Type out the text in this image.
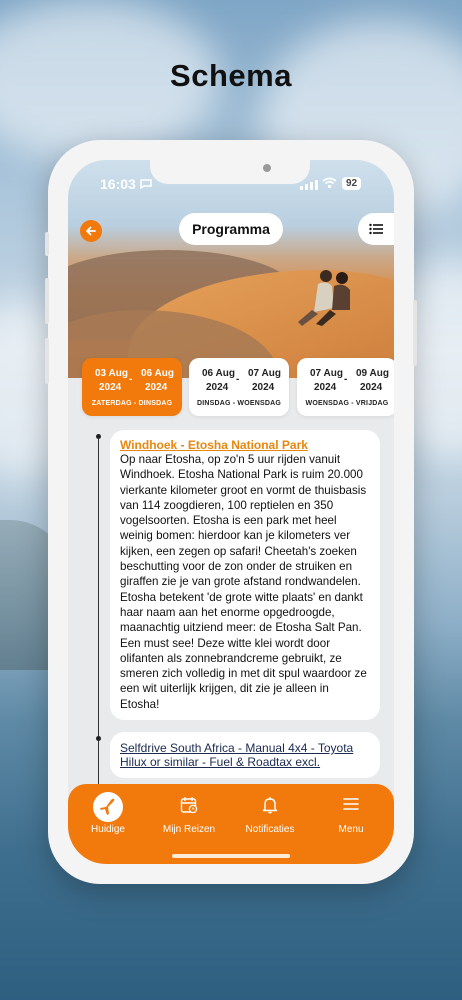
Schema
16:03	92
Programma
03 Aug
2024
-
06 Aug
2024
ZATERDAG - DINSDAG
06 Aug
2024
-
07 Aug
2024
DINSDAG - WOENSDAG
07 Aug
2024
-
09 Aug
2024
WOENSDAG - VRIJDAG
Windhoek - Etosha National Park
Op naar Etosha, op zo'n 5 uur rijden vanuit Windhoek. Etosha National Park is ruim 20.000 vierkante kilometer groot en vormt de thuisbasis van 114 zoogdieren, 100 reptielen en 350 vogelsoorten. Etosha is een park met heel weinig bomen: hierdoor kan je kilometers ver kijken, een zegen op safari! Cheetah's zoeken beschutting voor de zon onder de struiken en giraffen zie je van grote afstand rondwandelen. Etosha betekent 'de grote witte plaats' en dankt haar naam aan het enorme opgedroogde, maanachtig uitziend meer: de Etosha Salt Pan. Een must see! Deze witte klei wordt door olifanten als zonnebrandcreme gebruikt, ze smeren zich volledig in met dit spul waardoor ze een wit uiterlijk krijgen, dit zie je alleen in Etosha!
Selfdrive South Africa - Manual 4x4 - Toyota Hilux or similar - Fuel & Roadtax excl.
Huidige	Mijn Reizen	Notificaties	Menu
